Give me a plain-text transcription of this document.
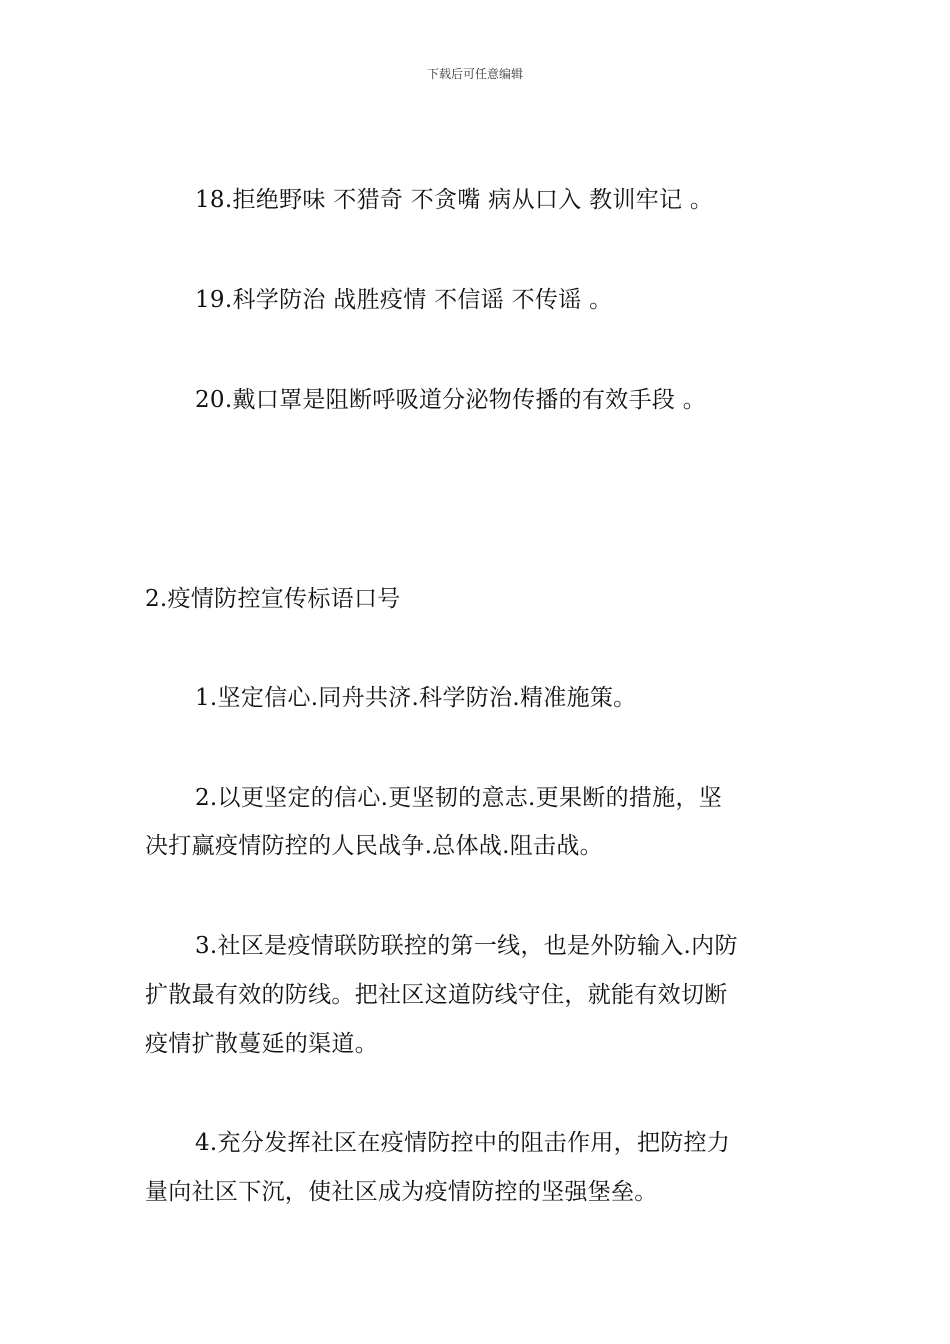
下载后可任意编辑
18.拒绝野味 不猎奇 不贪嘴 病从口入 教训牢记 。
19.科学防治 战胜疫情 不信谣 不传谣 。
20.戴口罩是阻断呼吸道分泌物传播的有效手段 。
2.疫情防控宣传标语口号
1.坚定信心.同舟共济.科学防治.精准施策。
2.以更坚定的信心.更坚韧的意志.更果断的措施，坚
决打赢疫情防控的人民战争.总体战.阻击战。
3.社区是疫情联防联控的第一线，也是外防输入.内防
扩散最有效的防线。把社区这道防线守住，就能有效切断
疫情扩散蔓延的渠道。
4.充分发挥社区在疫情防控中的阻击作用，把防控力
量向社区下沉，使社区成为疫情防控的坚强堡垒。
